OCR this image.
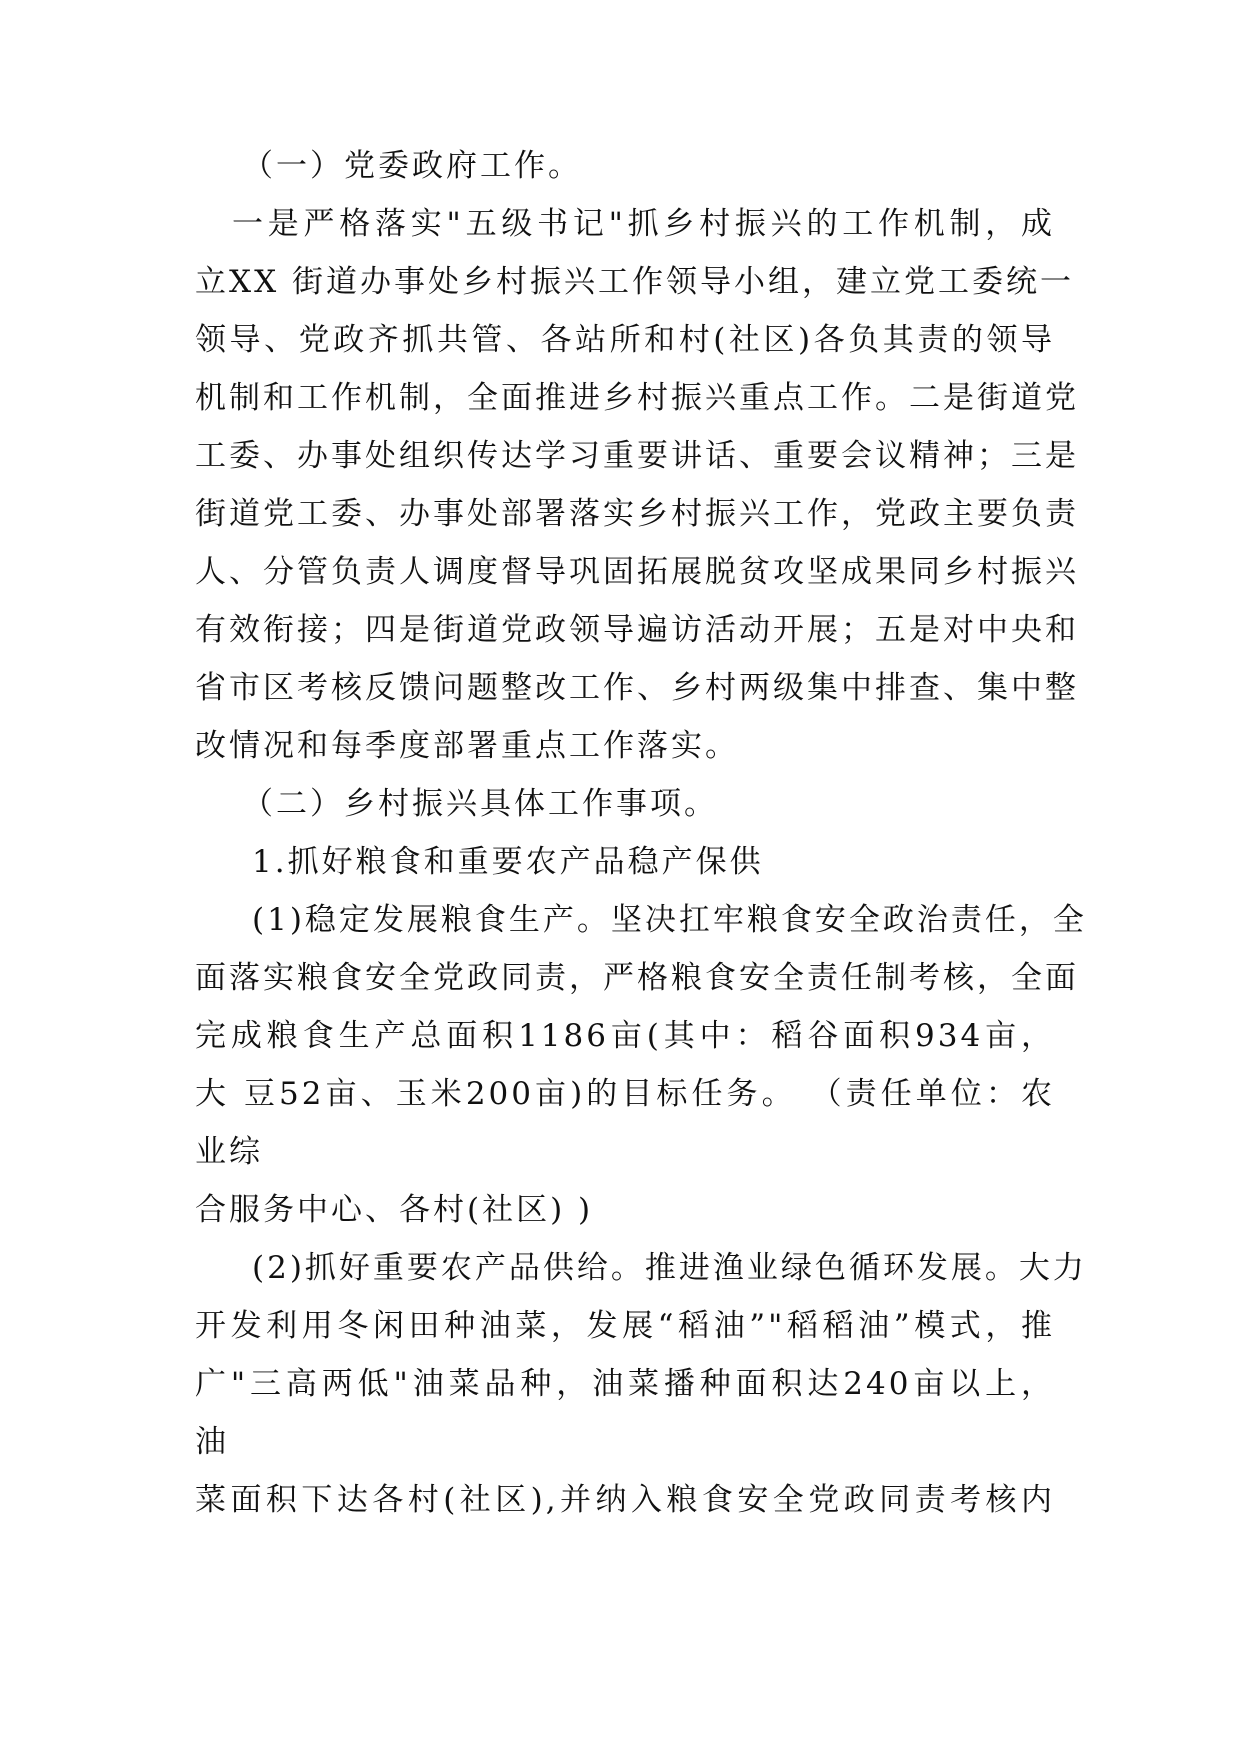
（一）党委政府工作。
一是严格落实"五级书记"抓乡村振兴的工作机制，成
立XX 街道办事处乡村振兴工作领导小组，建立党工委统一
领导、党政齐抓共管、各站所和村(社区)各负其责的领导
机制和工作机制，全面推进乡村振兴重点工作。二是街道党
工委、办事处组织传达学习重要讲话、重要会议精神；三是
街道党工委、办事处部署落实乡村振兴工作，党政主要负责
人、分管负责人调度督导巩固拓展脱贫攻坚成果同乡村振兴
有效衔接；四是街道党政领导遍访活动开展；五是对中央和
省市区考核反馈问题整改工作、乡村两级集中排查、集中整
改情况和每季度部署重点工作落实。
（二）乡村振兴具体工作事项。
1.抓好粮食和重要农产品稳产保供
(1)稳定发展粮食生产。坚决扛牢粮食安全政治责任，全
面落实粮食安全党政同责，严格粮食安全责任制考核，全面
完成粮食生产总面积1186亩(其中：稻谷面积934亩，
大 豆52亩、玉米200亩)的目标任务。 （责任单位：农
业综
合服务中心、各村(社区) )
(2)抓好重要农产品供给。推进渔业绿色循环发展。大力
开发利用冬闲田种油菜，发展“稻油”"稻稻油”模式，推
广"三高两低"油菜品种，油菜播种面积达240亩以上，
油
菜面积下达各村(社区),并纳入粮食安全党政同责考核内
